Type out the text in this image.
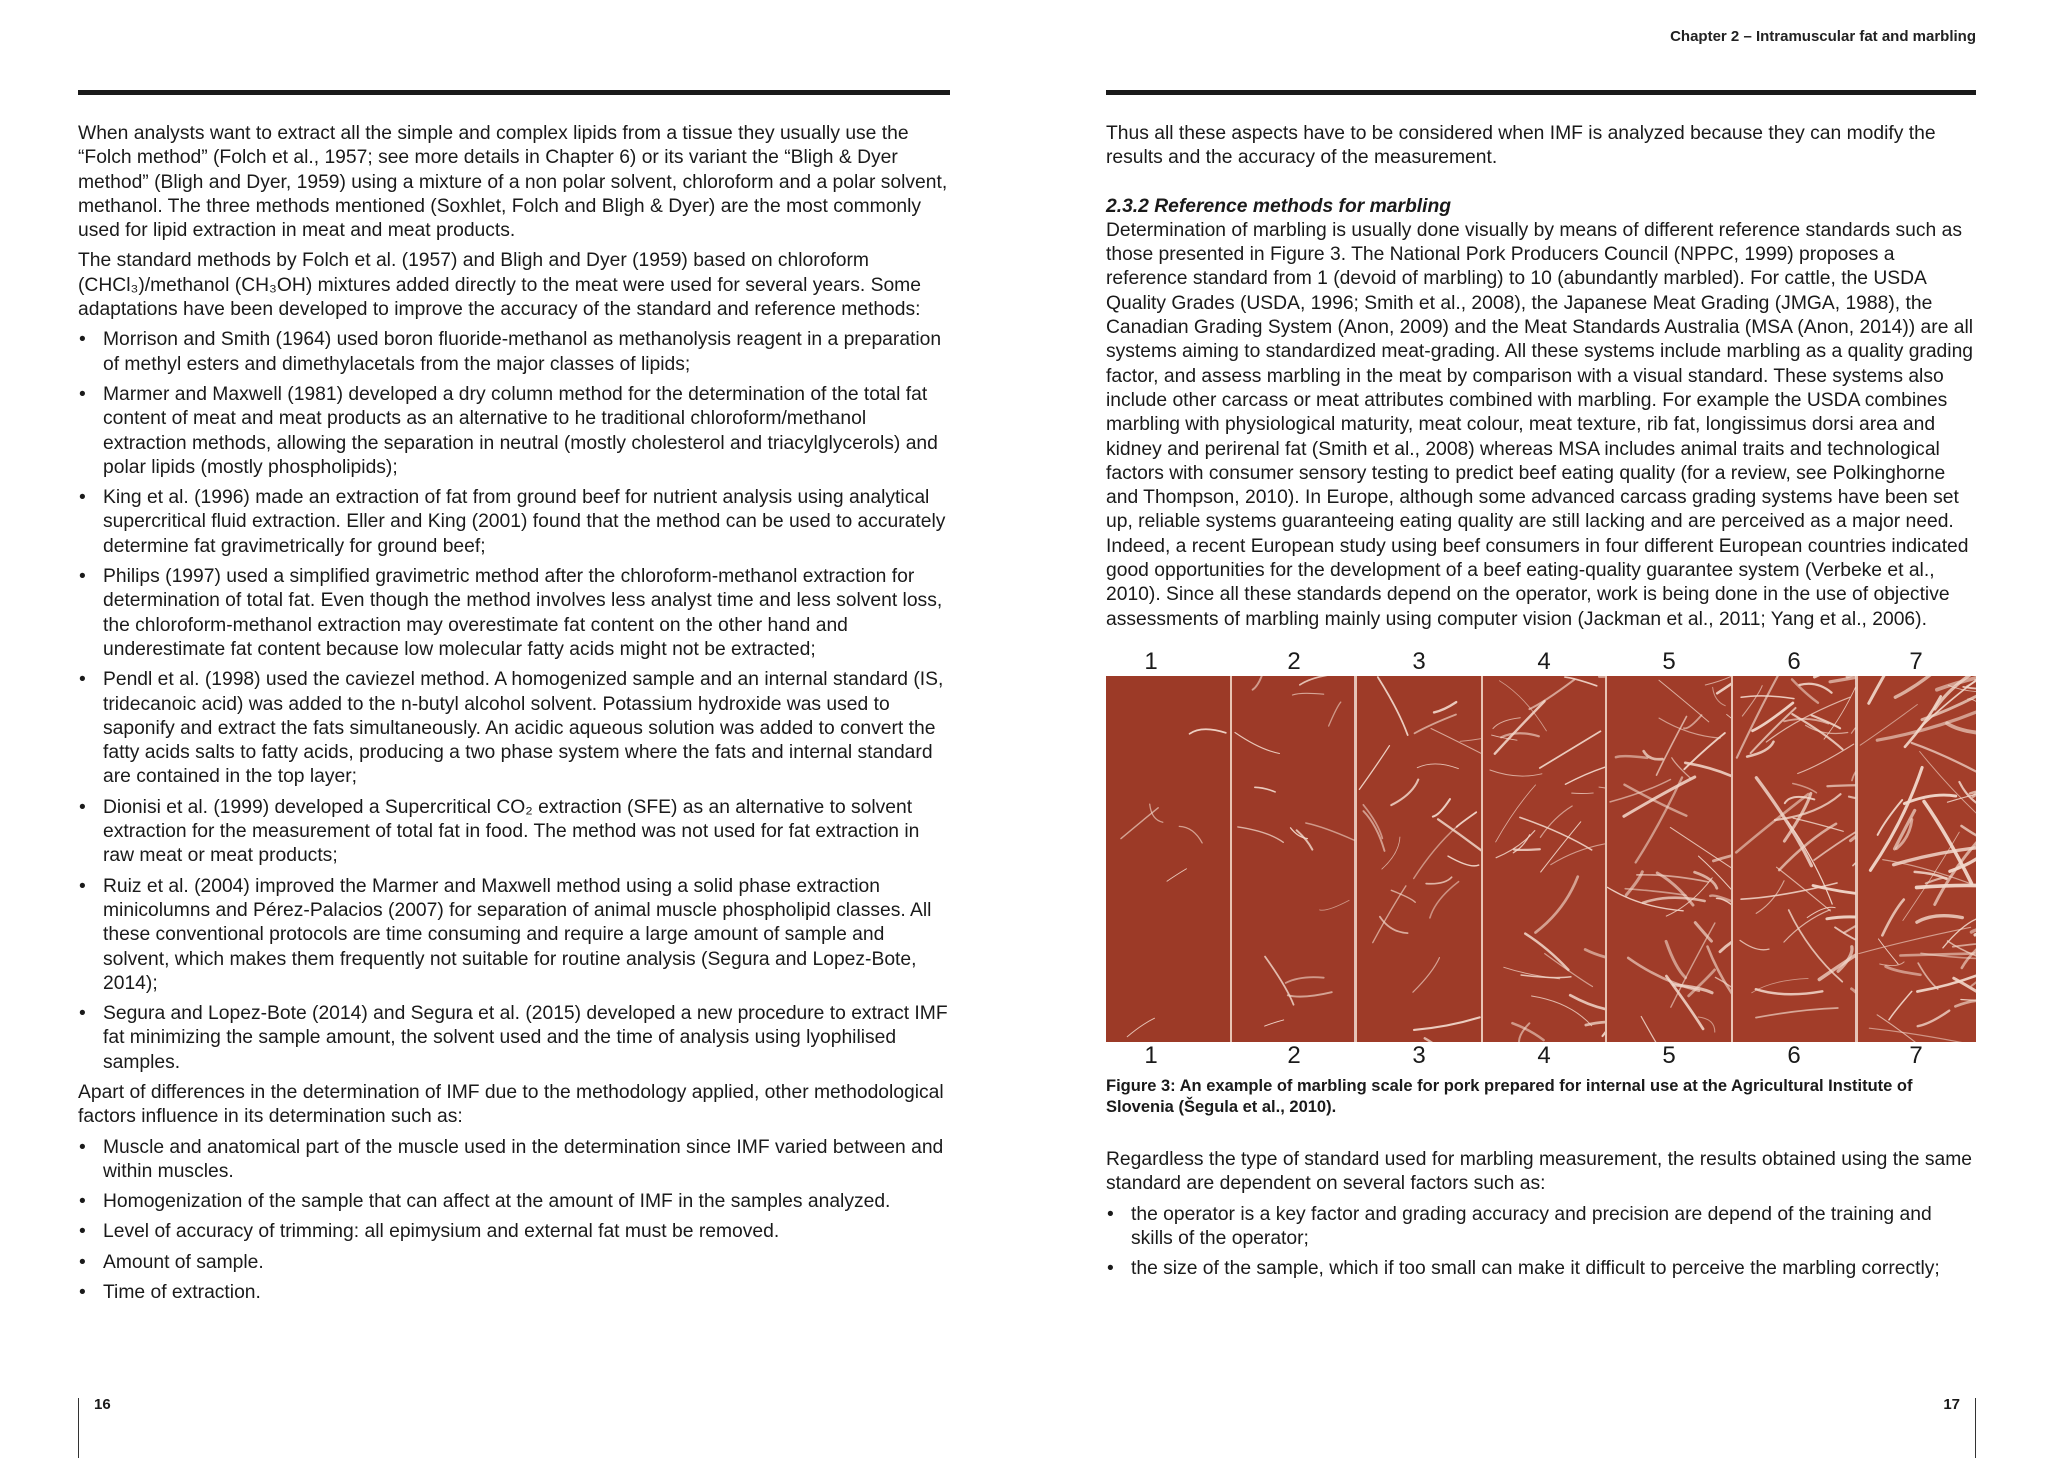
When analysts want to extract all the simple and complex lipids from a tissue they usually use the “Folch method” (Folch et al., 1957; see more details in Chapter 6) or its variant the “Bligh & Dyer method” (Bligh and Dyer, 1959) using a mixture of a non polar solvent, chloroform and a polar solvent, methanol. The three methods mentioned (Soxhlet, Folch and Bligh & Dyer) are the most commonly used for lipid extraction in meat and meat products.

The standard methods by Folch et al. (1957) and Bligh and Dyer (1959) based on chloroform (CHCl₃)/methanol (CH₃OH) mixtures added directly to the meat were used for several years. Some adaptations have been developed to improve the accuracy of the standard and reference methods:

• Morrison and Smith (1964) used boron fluoride-methanol as methanolysis reagent in a preparation of methyl esters and dimethylacetals from the major classes of lipids;
• Marmer and Maxwell (1981) developed a dry column method for the determination of the total fat content of meat and meat products as an alternative to he traditional chloroform/methanol extraction methods, allowing the separation in neutral (mostly cholesterol and triacylglycerols) and polar lipids (mostly phospholipids);
• King et al. (1996) made an extraction of fat from ground beef for nutrient analysis using analytical supercritical fluid extraction. Eller and King (2001) found that the method can be used to accurately determine fat gravimetrically for ground beef;
• Philips (1997) used a simplified gravimetric method after the chloroform-methanol extraction for determination of total fat. Even though the method involves less analyst time and less solvent loss, the chloroform-methanol extraction may overestimate fat content on the other hand and underestimate fat content because low molecular fatty acids might not be extracted;
• Pendl et al. (1998) used the caviezel method. A homogenized sample and an internal standard (IS, tridecanoic acid) was added to the n-butyl alcohol solvent. Potassium hydroxide was used to saponify and extract the fats simultaneously. An acidic aqueous solution was added to convert the fatty acids salts to fatty acids, producing a two phase system where the fats and internal standard are contained in the top layer;
• Dionisi et al. (1999) developed a Supercritical CO₂ extraction (SFE) as an alternative to solvent extraction for the measurement of total fat in food. The method was not used for fat extraction in raw meat or meat products;
• Ruiz et al. (2004) improved the Marmer and Maxwell method using a solid phase extraction minicolumns and Pérez-Palacios (2007) for separation of animal muscle phospholipid classes. All these conventional protocols are time consuming and require a large amount of sample and solvent, which makes them frequently not suitable for routine analysis (Segura and Lopez-Bote, 2014);
• Segura and Lopez-Bote (2014) and Segura et al. (2015) developed a new procedure to extract IMF fat minimizing the sample amount, the solvent used and the time of analysis using lyophilised samples.

Apart of differences in the determination of IMF due to the methodology applied, other methodological factors influence in its determination such as:

• Muscle and anatomical part of the muscle used in the determination since IMF varied between and within muscles.
• Homogenization of the sample that can affect at the amount of IMF in the samples analyzed.
• Level of accuracy of trimming: all epimysium and external fat must be removed.
• Amount of sample.
• Time of extraction.
16
Chapter 2 – Intramuscular fat and marbling

Thus all these aspects have to be considered when IMF is analyzed because they can modify the results and the accuracy of the measurement.

2.3.2 Reference methods for marbling

Determination of marbling is usually done visually by means of different reference standards such as those presented in Figure 3. The National Pork Producers Council (NPPC, 1999) proposes a reference standard from 1 (devoid of marbling) to 10 (abundantly marbled). For cattle, the USDA Quality Grades (USDA, 1996; Smith et al., 2008), the Japanese Meat Grading (JMGA, 1988), the Canadian Grading System (Anon, 2009) and the Meat Standards Australia (MSA (Anon, 2014)) are all systems aiming to standardized meat-grading. All these systems include marbling as a quality grading factor, and assess marbling in the meat by comparison with a visual standard. These systems also include other carcass or meat attributes combined with marbling. For example the USDA combines marbling with physiological maturity, meat colour, meat texture, rib fat, longissimus dorsi area and kidney and perirenal fat (Smith et al., 2008) whereas MSA includes animal traits and technological factors with consumer sensory testing to predict beef eating quality (for a review, see Polkinghorne and Thompson, 2010). In Europe, although some advanced carcass grading systems have been set up, reliable systems guaranteeing eating quality are still lacking and are perceived as a major need. Indeed, a recent European study using beef consumers in four different European countries indicated good opportunities for the development of a beef eating-quality guarantee system (Verbeke et al., 2010). Since all these standards depend on the operator, work is being done in the use of objective assessments of marbling mainly using computer vision (Jackman et al., 2011; Yang et al., 2006).

1	2	3	4	5	6	7
1	2	3	4	5	6	7
Figure 3: An example of marbling scale for pork prepared for internal use at the Agricultural Institute of Slovenia (Šegula et al., 2010).

Regardless the type of standard used for marbling measurement, the results obtained using the same standard are dependent on several factors such as:

• the operator is a key factor and grading accuracy and precision are depend of the training and skills of the operator;
• the size of the sample, which if too small can make it difficult to perceive the marbling correctly;
17
